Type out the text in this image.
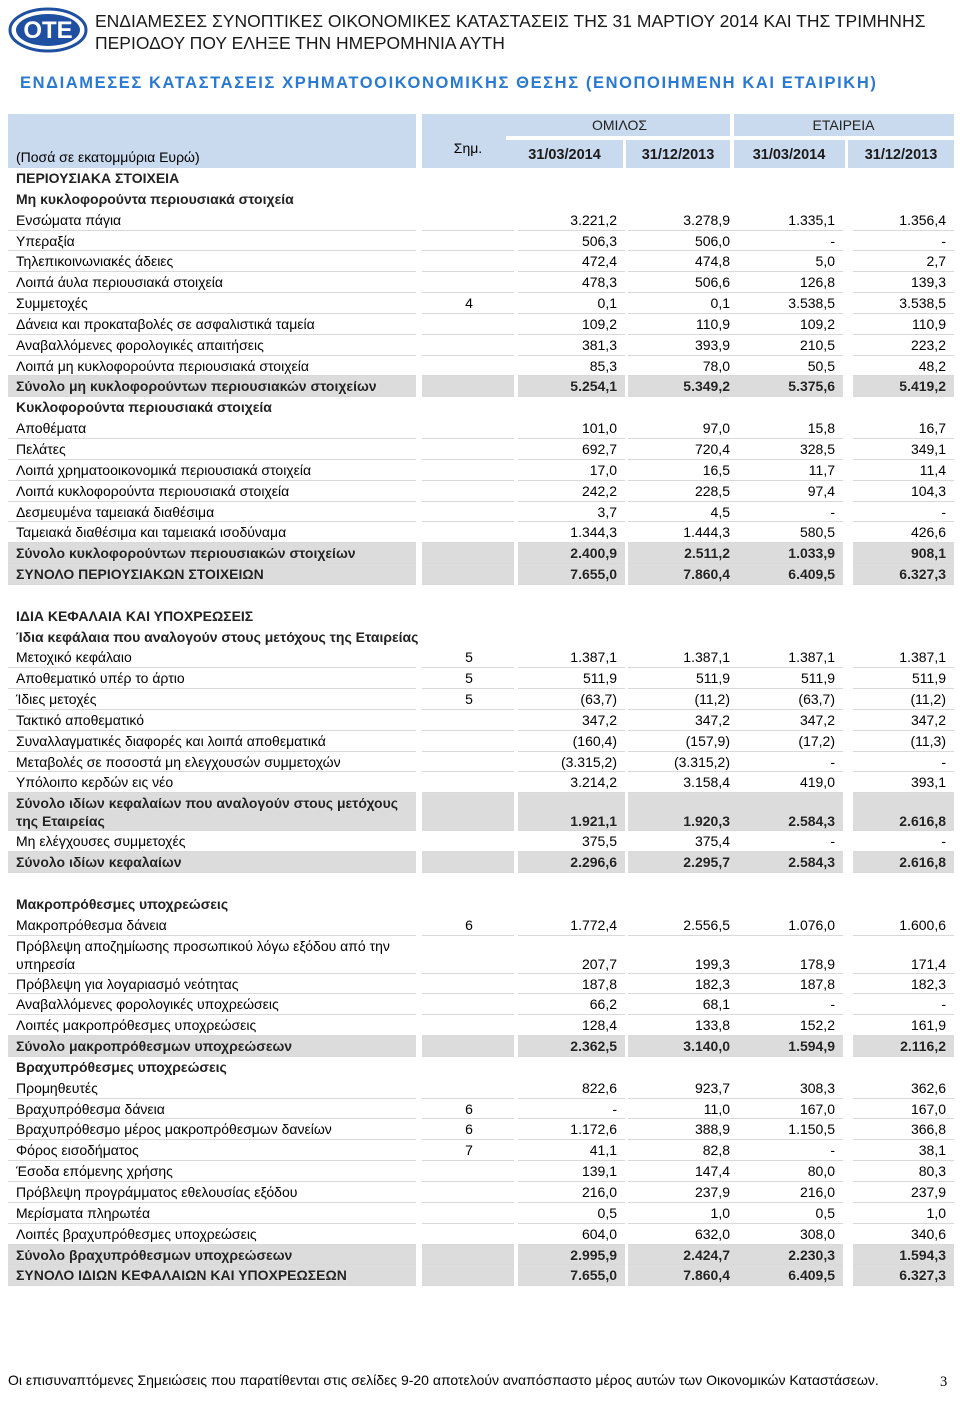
OTE ΕΝΔΙΑΜΕΣΕΣ ΣΥΝΟΠΤΙΚΕΣ ΟΙΚΟΝΟΜΙΚΕΣ ΚΑΤΑΣΤΑΣΕΙΣ ΤΗΣ 31 ΜΑΡΤΙΟΥ 2014 ΚΑΙ ΤΗΣ ΤΡΙΜΗΝΗΣ ΠΕΡΙΟΔΟΥ ΠΟΥ ΕΛΗΞΕ ΤΗΝ ΗΜΕΡΟΜΗΝΙΑ ΑΥΤΗ
ΕΝΔΙΑΜΕΣΕΣ ΚΑΤΑΣΤΑΣΕΙΣ ΧΡΗΜΑΤΟΟΙΚΟΝΟΜΙΚΗΣ ΘΕΣΗΣ (ΕΝΟΠΟΙΗΜΕΝΗ ΚΑΙ ΕΤΑΙΡΙΚΗ)
(Ποσά σε εκατομμύρια Ευρώ)
Σημ.
ΟΜΙΛΟΣ	ΕΤΑΙΡΕΙΑ
31/03/2014	31/12/2013	31/03/2014	31/12/2013
ΠΕΡΙΟΥΣΙΑΚΑ ΣΤΟΙΧΕΙΑ
Μη κυκλοφορούντα περιουσιακά στοιχεία
Ενσώματα πάγια	3.221,2	3.278,9	1.335,1	1.356,4
Υπεραξία	506,3	506,0	-	-
Τηλεπικοινωνιακές άδειες	472,4	474,8	5,0	2,7
Λοιπά άυλα περιουσιακά στοιχεία	478,3	506,6	126,8	139,3
Συμμετοχές	4	0,1	0,1	3.538,5	3.538,5
Δάνεια και προκαταβολές σε ασφαλιστικά ταμεία	109,2	110,9	109,2	110,9
Αναβαλλόμενες φορολογικές απαιτήσεις	381,3	393,9	210,5	223,2
Λοιπά μη κυκλοφορούντα περιουσιακά στοιχεία	85,3	78,0	50,5	48,2
Σύνολο μη κυκλοφορούντων περιουσιακών στοιχείων	5.254,1	5.349,2	5.375,6	5.419,2
Κυκλοφορούντα περιουσιακά στοιχεία
Αποθέματα	101,0	97,0	15,8	16,7
Πελάτες	692,7	720,4	328,5	349,1
Λοιπά χρηματοοικονομικά περιουσιακά στοιχεία	17,0	16,5	11,7	11,4
Λοιπά κυκλοφορούντα περιουσιακά στοιχεία	242,2	228,5	97,4	104,3
Δεσμευμένα ταμειακά διαθέσιμα	3,7	4,5	-	-
Ταμειακά διαθέσιμα και ταμειακά ισοδύναμα	1.344,3	1.444,3	580,5	426,6
Σύνολο κυκλοφορούντων περιουσιακών στοιχείων	2.400,9	2.511,2	1.033,9	908,1
ΣΥΝΟΛΟ ΠΕΡΙΟΥΣΙΑΚΩΝ ΣΤΟΙΧΕΙΩΝ	7.655,0	7.860,4	6.409,5	6.327,3
ΙΔΙΑ ΚΕΦΑΛΑΙΑ ΚΑΙ ΥΠΟΧΡΕΩΣΕΙΣ
Ίδια κεφάλαια που αναλογούν στους μετόχους της Εταιρείας
Μετοχικό κεφάλαιο	5	1.387,1	1.387,1	1.387,1	1.387,1
Αποθεματικό υπέρ το άρτιο	5	511,9	511,9	511,9	511,9
Ίδιες μετοχές	5	(63,7)	(11,2)	(63,7)	(11,2)
Τακτικό αποθεματικό	347,2	347,2	347,2	347,2
Συναλλαγματικές διαφορές και λοιπά αποθεματικά	(160,4)	(157,9)	(17,2)	(11,3)
Μεταβολές σε ποσοστά μη ελεγχουσών συμμετοχών	(3.315,2)	(3.315,2)	-	-
Υπόλοιπο κερδών εις νέο	3.214,2	3.158,4	419,0	393,1
Σύνολο ιδίων κεφαλαίων που αναλογούν στους μετόχους της Εταιρείας	1.921,1	1.920,3	2.584,3	2.616,8
Μη ελέγχουσες συμμετοχές	375,5	375,4	-	-
Σύνολο ιδίων κεφαλαίων	2.296,6	2.295,7	2.584,3	2.616,8
Μακροπρόθεσμες υποχρεώσεις
Μακροπρόθεσμα δάνεια	6	1.772,4	2.556,5	1.076,0	1.600,6
Πρόβλεψη αποζημίωσης προσωπικού λόγω εξόδου από την υπηρεσία	207,7	199,3	178,9	171,4
Πρόβλεψη για λογαριασμό νεότητας	187,8	182,3	187,8	182,3
Αναβαλλόμενες φορολογικές υποχρεώσεις	66,2	68,1	-	-
Λοιπές μακροπρόθεσμες υποχρεώσεις	128,4	133,8	152,2	161,9
Σύνολο μακροπρόθεσμων υποχρεώσεων	2.362,5	3.140,0	1.594,9	2.116,2
Βραχυπρόθεσμες υποχρεώσεις
Προμηθευτές	822,6	923,7	308,3	362,6
Βραχυπρόθεσμα δάνεια	6	-	11,0	167,0	167,0
Βραχυπρόθεσμο μέρος μακροπρόθεσμων δανείων	6	1.172,6	388,9	1.150,5	366,8
Φόρος εισοδήματος	7	41,1	82,8	-	38,1
Έσοδα επόμενης χρήσης	139,1	147,4	80,0	80,3
Πρόβλεψη προγράμματος εθελουσίας εξόδου	216,0	237,9	216,0	237,9
Μερίσματα πληρωτέα	0,5	1,0	0,5	1,0
Λοιπές βραχυπρόθεσμες υποχρεώσεις	604,0	632,0	308,0	340,6
Σύνολο βραχυπρόθεσμων υποχρεώσεων	2.995,9	2.424,7	2.230,3	1.594,3
ΣΥΝΟΛΟ ΙΔΙΩΝ ΚΕΦΑΛΑΙΩΝ ΚΑΙ ΥΠΟΧΡΕΩΣΕΩΝ	7.655,0	7.860,4	6.409,5	6.327,3
Οι επισυναπτόμενες Σημειώσεις που παρατίθενται στις σελίδες 9-20 αποτελούν αναπόσπαστο μέρος αυτών των Οικονομικών Καταστάσεων.	3
